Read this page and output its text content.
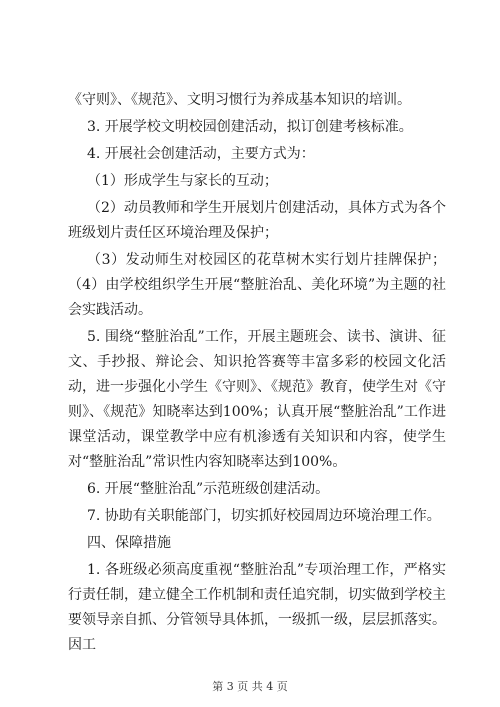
《守则》、《规范》、文明习惯行为养成基本知识的培训。

3. 开展学校文明校园创建活动，拟订创建考核标准。

4. 开展社会创建活动，主要方式为：

（1）形成学生与家长的互动；

（2）动员教师和学生开展划片创建活动，具体方式为各个班级划片责任区环境治理及保护；

（3）发动师生对校园区的花草树木实行划片挂牌保护；（4）由学校组织学生开展“整脏治乱、美化环境”为主题的社会实践活动。

5. 围绕“整脏治乱”工作，开展主题班会、读书、演讲、征文、手抄报、辩论会、知识抢答赛等丰富多彩的校园文化活动，进一步强化小学生《守则》、《规范》教育，使学生对《守则》、《规范》知晓率达到100%；认真开展“整脏治乱”工作进课堂活动，课堂教学中应有机渗透有关知识和内容，使学生对“整脏治乱”常识性内容知晓率达到100%。

6. 开展“整脏治乱”示范班级创建活动。

7. 协助有关职能部门，切实抓好校园周边环境治理工作。

四、保障措施

1. 各班级必须高度重视“整脏治乱”专项治理工作，严格实行责任制，建立健全工作机制和责任追究制，切实做到学校主要领导亲自抓、分管领导具体抓，一级抓一级，层层抓落实。因工

第 3 页 共 4 页
